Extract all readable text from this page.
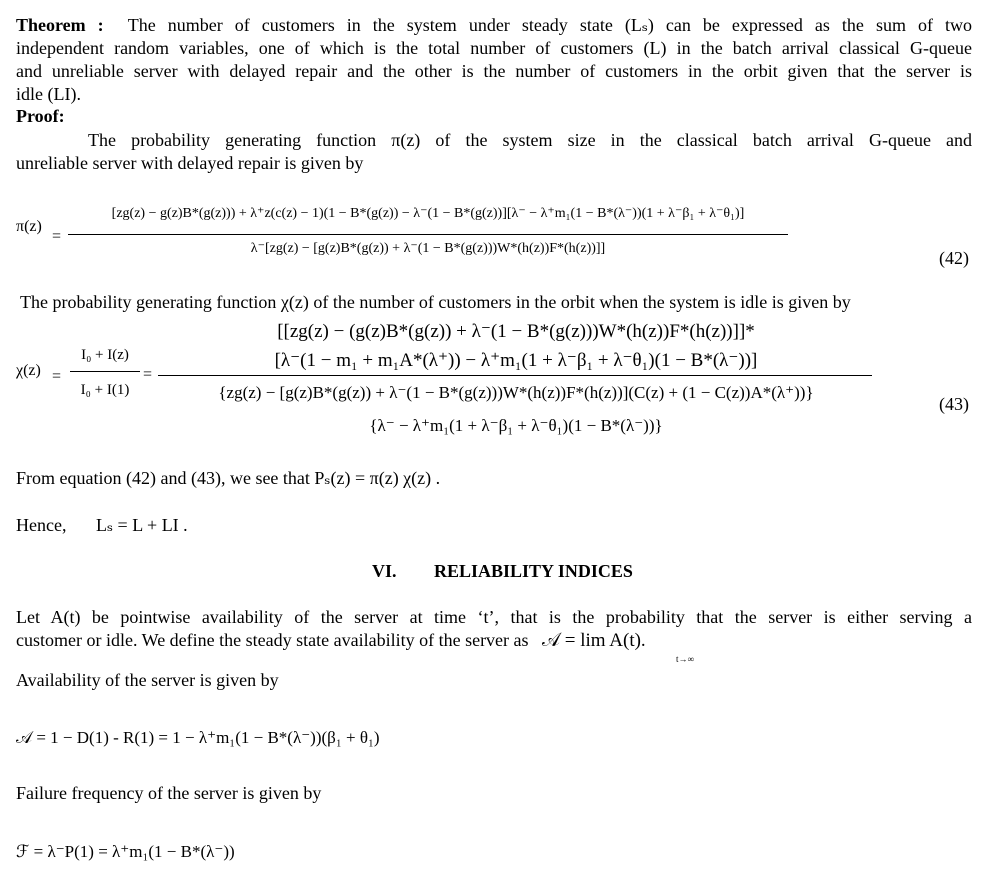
Theorem : The number of customers in the system under steady state (Lₛ) can be expressed as the sum of two
independent random variables, one of which is the total number of customers (L) in the batch arrival classical G-queue
and unreliable server with delayed repair and the other is the number of customers in the orbit given that the server is
idle (LΙ).
Proof:
The probability generating function π(z) of the system size in the classical batch arrival G-queue and
unreliable server with delayed repair is given by
π(z)
=
[zg(z) − g(z)B*(g(z))) + λ⁺z(c(z) − 1)(1 − B*(g(z)) − λ⁻(1 − B*(g(z))][λ⁻ − λ⁺m₁(1 − B*(λ⁻))(1 + λ⁻β₁ + λ⁻θ₁)]
λ⁻[zg(z) − [g(z)B*(g(z)) + λ⁻(1 − B*(g(z)))W*(h(z))F*(h(z))]]	(42)
The probability generating function χ(z) of the number of customers in the orbit when the system is idle is given by
χ(z) =
I₀ + I(z)
I₀ + I(1)
=
[[zg(z) − (g(z)B*(g(z)) + λ⁻(1 − B*(g(z)))W*(h(z))F*(h(z))]]*
[λ⁻(1 − m₁ + m₁A*(λ⁺)) − λ⁺m₁(1 + λ⁻β₁ + λ⁻θ₁)(1 − B*(λ⁻))]
{zg(z) − [g(z)B*(g(z)) + λ⁻(1 − B*(g(z)))W*(h(z))F*(h(z))](C(z) + (1 − C(z))A*(λ⁺))}
{λ⁻ − λ⁺m₁(1 + λ⁻β₁ + λ⁻θ₁)(1 − B*(λ⁻))}
(43)
From equation (42) and (43), we see that Pₛ(z) = π(z) χ(z) .
Hence, Lₛ = L + LΙ .
VI. RELIABILITY INDICES
Let A(t) be pointwise availability of the server at time ‘t’, that is the probability that the server is either serving a
customer or idle. We define the steady state availability of the server as 𝒜 = lim A(t).
t→∞
Availability of the server is given by
𝒜 = 1 − D(1) - R(1) = 1 − λ⁺m₁(1 − B*(λ⁻))(β₁ + θ₁)
Failure frequency of the server is given by
ℱ = λ⁻P(1) = λ⁺m₁(1 − B*(λ⁻))
